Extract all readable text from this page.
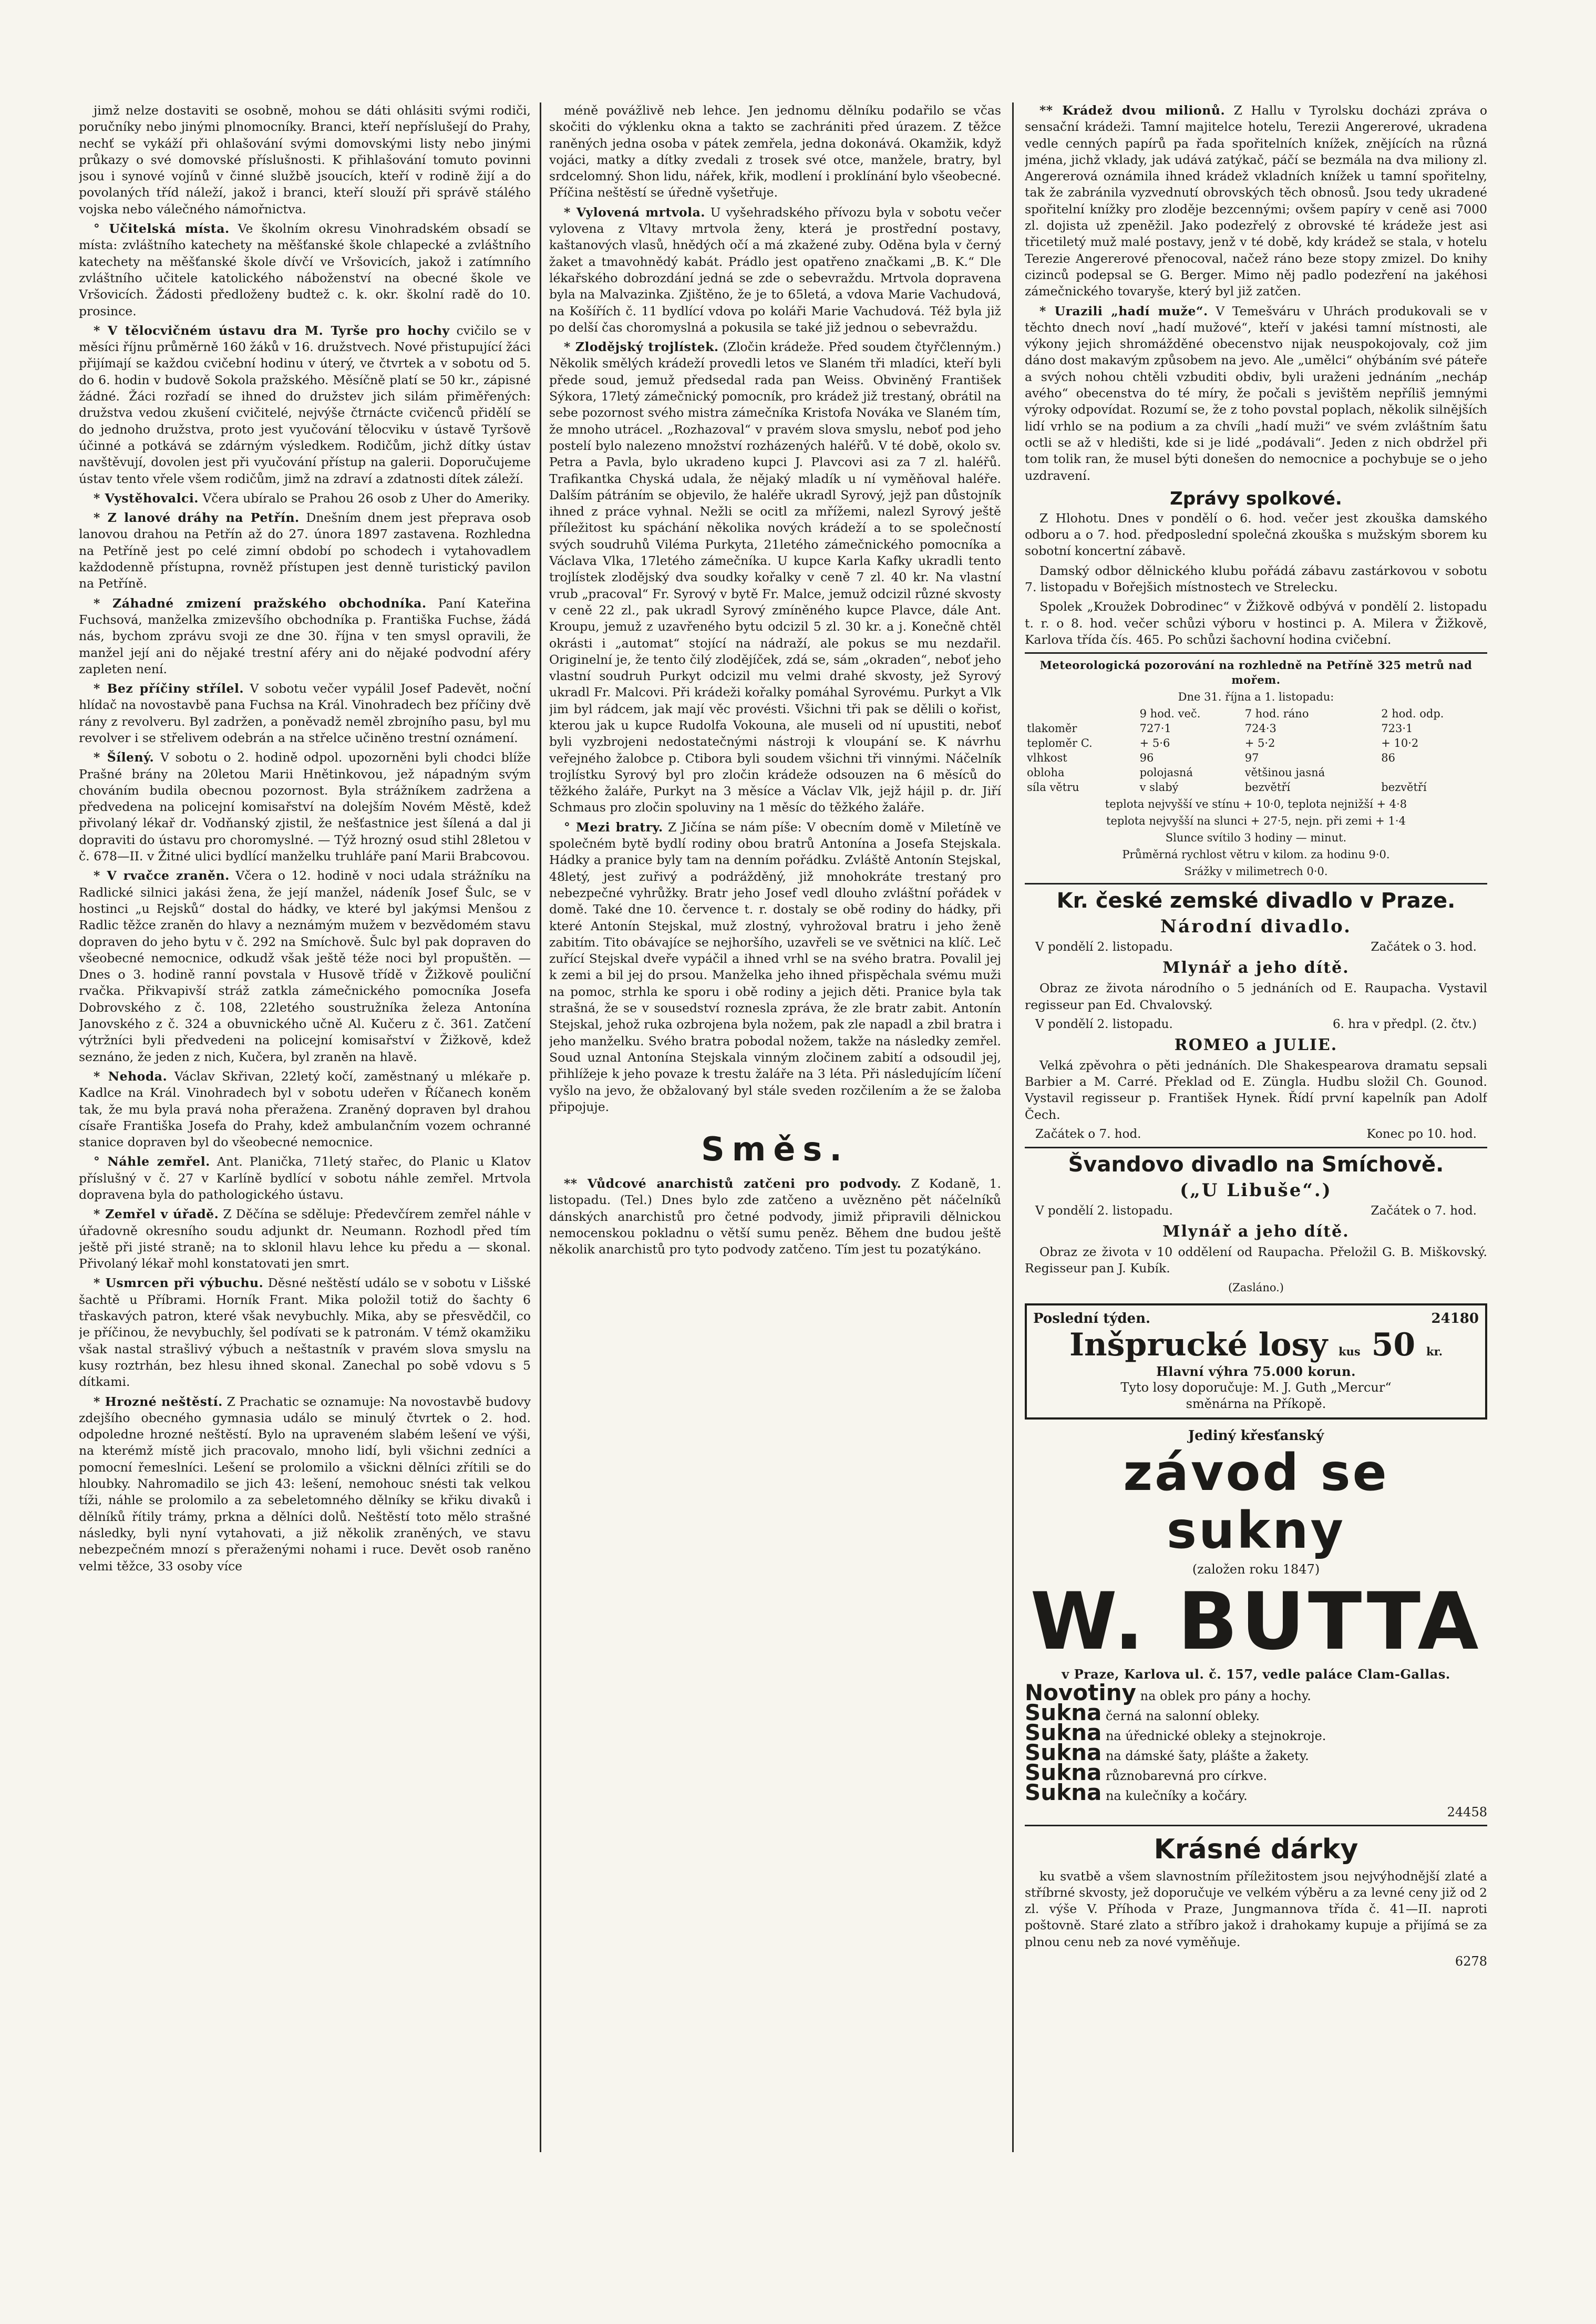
jimž nelze dostaviti se osobně, mohou se dáti ohlásiti svými rodiči, poručníky nebo jinými plnomocníky. Branci, kteří nepříslušejí do Prahy, nechť se vykáží při ohlašování svými domovskými listy nebo jinými průkazy o své domovské příslušnosti. K přihlašování tomuto povinni jsou i synové vojínů v činné službě jsoucích, kteří v rodině žijí a do povolaných tříd náleží, jakož i branci, kteří slouží při správě stálého vojska nebo válečného námořnictva.

° Učitelská místa. Ve školním okresu Vinohradském obsadí se místa: zvláštního katechety na měšťanské škole chlapecké a zvláštního katechety na měšťanské škole dívčí ve Vršovicích, jakož i zatímního zvláštního učitele katolického náboženství na obecné škole ve Vršovicích. Žádosti předloženy budtež c. k. okr. školní radě do 10. prosince.

* V tělocvičném ústavu dra M. Tyrše pro hochy cvičilo se v měsíci říjnu průměrně 160 žáků v 16. družstvech. Nové přistupující žáci přijímají se každou cvičební hodinu v úterý, ve čtvrtek a v sobotu od 5. do 6. hodin v budově Sokola pražského. Měsíčně platí se 50 kr., zápisné žádné. Žáci rozřadí se ihned do družstev jich silám přiměřených: družstva vedou zkušení cvičitelé, nejvýše čtrnácte cvičenců přidělí se do jednoho družstva, proto jest vyučování tělocviku v ústavě Tyršově účinné a potkává se zdárným výsledkem. Rodičům, jichž dítky ústav navštěvují, dovolen jest při vyučování přístup na galerii. Doporučujeme ústav tento vřele všem rodičům, jimž na zdraví a zdatnosti dítek záleží.

* Vystěhovalci. Včera ubíralo se Prahou 26 osob z Uher do Ameriky.

* Z lanové dráhy na Petřín. Dnešním dnem jest přeprava osob lanovou drahou na Petřín až do 27. února 1897 zastavena. Rozhledna na Petříně jest po celé zimní období po schodech i vytahovadlem každodenně přístupna, rovněž přístupen jest denně turistický pavilon na Petříně.

* Záhadné zmizení pražského obchodníka. Paní Kateřina Fuchsová, manželka zmizevšího obchodníka p. Františka Fuchse, žádá nás, bychom zprávu svoji ze dne 30. října v ten smysl opravili, že manžel její ani do nějaké trestní aféry ani do nějaké podvodní aféry zapleten není.

* Bez příčiny střílel. V sobotu večer vypálil Josef Padevět, noční hlídač na novostavbě pana Fuchsa na Král. Vinohradech bez příčiny dvě rány z revolveru. Byl zadržen, a poněvadž neměl zbrojního pasu, byl mu revolver i se střelivem odebrán a na střelce učiněno trestní oznámení.

* Šílený. V sobotu o 2. hodině odpol. upozorněni byli chodci blíže Prašné brány na 20letou Marii Hnětinkovou, jež nápadným svým chováním budila obecnou pozornost. Byla strážníkem zadržena a předvedena na policejní komisařství na dolejším Novém Městě, kdež přivolaný lékař dr. Vodňanský zjistil, že nešťastnice jest šílená a dal ji dopraviti do ústavu pro choromyslné. — Týž hrozný osud stihl 28letou v č. 678—II. v Žitné ulici bydlící manželku truhláře paní Marii Brabcovou.

* V rvačce zraněn. Včera o 12. hodině v noci udala strážníku na Radlické silnici jakási žena, že její manžel, nádeník Josef Šulc, se v hostinci „u Rejsků“ dostal do hádky, ve které byl jakýmsi Menšou z Radlic těžce zraněn do hlavy a neznámým mužem v bezvědomém stavu dopraven do jeho bytu v č. 292 na Smíchově. Šulc byl pak dopraven do všeobecné nemocnice, odkudž však ještě téže noci byl propuštěn. — Dnes o 3. hodině ranní povstala v Husově třídě v Žižkově pouliční rvačka. Přikvapivší stráž zatkla zámečnického pomocníka Josefa Dobrovského z č. 108, 22letého soustružníka železa Antonína Janovského z č. 324 a obuvnického učně Al. Kučeru z č. 361. Zatčení výtržníci byli předvedeni na policejní komisařství v Žižkově, kdež seznáno, že jeden z nich, Kučera, byl zraněn na hlavě.

* Nehoda. Václav Skřivan, 22letý kočí, zaměstnaný u mlékaře p. Kadlce na Král. Vinohradech byl v sobotu udeřen v Říčanech koněm tak, že mu byla pravá noha přeražena. Zraněný dopraven byl drahou císaře Františka Josefa do Prahy, kdež ambulančním vozem ochranné stanice dopraven byl do všeobecné nemocnice.

° Náhle zemřel. Ant. Planička, 71letý stařec, do Planic u Klatov příslušný v č. 27 v Karlíně bydlící v sobotu náhle zemřel. Mrtvola dopravena byla do pathologického ústavu.

* Zemřel v úřadě. Z Děčína se sděluje: Předevčírem zemřel náhle v úřadovně okresního soudu adjunkt dr. Neumann. Rozhodl před tím ještě při jisté straně; na to sklonil hlavu lehce ku předu a — skonal. Přivolaný lékař mohl konstatovati jen smrt.

* Usmrcen při výbuchu. Děsné neštěstí událo se v sobotu v Lišské šachtě u Příbrami. Horník Frant. Mika položil totiž do šachty 6 třaskavých patron, které však nevybuchly. Mika, aby se přesvědčil, co je příčinou, že nevybuchly, šel podívati se k patronám. V témž okamžiku však nastal strašlivý výbuch a neštastník v pravém slova smyslu na kusy roztrhán, bez hlesu ihned skonal. Zanechal po sobě vdovu s 5 dítkami.

* Hrozné neštěstí. Z Prachatic se oznamuje: Na novostavbě budovy zdejšího obecného gymnasia událo se minulý čtvrtek o 2. hod. odpoledne hrozné neštěstí. Bylo na upraveném slabém lešení ve výši, na kterémž místě jich pracovalo, mnoho lidí, byli všichni zedníci a pomocní řemeslníci. Lešení se prolomilo a všickni dělníci zřítili se do hloubky. Nahromadilo se jich 43: lešení, nemohouc snésti tak velkou tíži, náhle se prolomilo a za sebeletomného dělníky se křiku divaků i dělníků řítily trámy, prkna a dělníci dolů. Neštěstí toto mělo strašné následky, byli nyní vytahovati, a již několik zraněných, ve stavu nebezpečném mnozí s přeraženými nohami i ruce. Devět osob raněno velmi těžce, 33 osoby více

méně povážlivě neb lehce. Jen jednomu dělníku podařilo se včas skočiti do výklenku okna a takto se zachrániti před úrazem. Z těžce raněných jedna osoba v pátek zemřela, jedna dokonává. Okamžik, když vojáci, matky a dítky zvedali z trosek své otce, manžele, bratry, byl srdcelomný. Shon lidu, nářek, křik, modlení i proklínání bylo všeobecné. Příčina neštěstí se úředně vyšetřuje.

* Vylovená mrtvola. U vyšehradského přívozu byla v sobotu večer vylovena z Vltavy mrtvola ženy, která je prostřední postavy, kaštanových vlasů, hnědých očí a má zkažené zuby. Oděna byla v černý žaket a tmavohnědý kabát. Prádlo jest opatřeno značkami „B. K.“ Dle lékařského dobrozdání jedná se zde o sebevraždu. Mrtvola dopravena byla na Malvazinka. Zjištěno, že je to 65letá, a vdova Marie Vachudová, na Košířích č. 11 bydlící vdova po koláři Marie Vachudová. Též byla již po delší čas choromyslná a pokusila se také již jednou o sebevraždu.

* Zlodějský trojlístek. (Zločin krádeže. Před soudem čtyřčlenným.) Několik smělých krádeží provedli letos ve Slaném tři mladíci, kteří byli přede soud, jemuž předsedal rada pan Weiss. Obviněný František Sýkora, 17letý zámečnický pomocník, pro krádež již trestaný, obrátil na sebe pozornost svého mistra zámečníka Kristofa Nováka ve Slaném tím, že mnoho utrácel. „Rozhazoval“ v pravém slova smyslu, neboť pod jeho postelí bylo nalezeno množství rozházených haléřů. V té době, okolo sv. Petra a Pavla, bylo ukradeno kupci J. Plavcovi asi za 7 zl. haléřů. Trafikantka Chyská udala, že nějaký mladík u ní vyměňoval haléře. Dalším pátráním se objevilo, že haléře ukradl Syrový, jejž pan důstojník ihned z práce vyhnal. Nežli se ocitl za mřížemi, nalezl Syrový ještě příležitost ku spáchání několika nových krádeží a to se společností svých soudruhů Viléma Purkyta, 21letého zámečnického pomocníka a Václava Vlka, 17letého zámečníka. U kupce Karla Kafky ukradli tento trojlístek zlodějský dva soudky kořalky v ceně 7 zl. 40 kr. Na vlastní vrub „pracoval“ Fr. Syrový v bytě Fr. Malce, jemuž odcizil různé skvosty v ceně 22 zl., pak ukradl Syrový zmíněného kupce Plavce, dále Ant. Kroupu, jemuž z uzavřeného bytu odcizil 5 zl. 30 kr. a j. Konečně chtěl okrásti i „automat“ stojící na nádraží, ale pokus se mu nezdařil. Originelní je, že tento čilý zlodějíček, zdá se, sám „okraden“, neboť jeho vlastní soudruh Purkyt odcizil mu velmi drahé skvosty, jež Syrový ukradl Fr. Malcovi. Při krádeži kořalky pomáhal Syrovému. Purkyt a Vlk jim byl rádcem, jak mají věc provésti. Všichni tři pak se dělili o kořist, kterou jak u kupce Rudolfa Vokouna, ale museli od ní upustiti, neboť byli vyzbrojeni nedostatečnými nástroji k vloupání se. K návrhu veřejného žalobce p. Ctibora byli soudem všichni tři vinnými. Náčelník trojlístku Syrový byl pro zločin krádeže odsouzen na 6 měsíců do těžkého žaláře, Purkyt na 3 měsíce a Václav Vlk, jejž hájil p. dr. Jiří Schmaus pro zločin spoluviny na 1 měsíc do těžkého žaláře.

° Mezi bratry. Z Jičína se nám píše: V obecním domě v Miletíně ve společném bytě bydlí rodiny obou bratrů Antonína a Josefa Stejskala. Hádky a pranice byly tam na denním pořádku. Zvláště Antonín Stejskal, 48letý, jest zuřivý a podrážděný, již mnohokráte trestaný pro nebezpečné vyhrůžky. Bratr jeho Josef vedl dlouho zvláštní pořádek v domě. Také dne 10. července t. r. dostaly se obě rodiny do hádky, při které Antonín Stejskal, muž zlostný, vyhrožoval bratru i jeho ženě zabitím. Tito obávajíce se nejhoršího, uzavřeli se ve světnici na klíč. Leč zuřící Stejskal dveře vypáčil a ihned vrhl se na svého bratra. Povalil jej k zemi a bil jej do prsou. Manželka jeho ihned přispěchala svému muži na pomoc, strhla ke sporu i obě rodiny a jejich děti. Pranice byla tak strašná, že se v sousedství roznesla zpráva, že zle bratr zabit. Antonín Stejskal, jehož ruka ozbrojena byla nožem, pak zle napadl a zbil bratra i jeho manželku. Svého bratra pobodal nožem, takže na následky zemřel. Soud uznal Antonína Stejskala vinným zločinem zabití a odsoudil jej, přihlížeje k jeho povaze k trestu žaláře na 3 léta. Při následujícím líčení vyšlo na jevo, že obžalovaný byl stále sveden rozčilením a že se žaloba připojuje.

Směs.

** Vůdcové anarchistů zatčeni pro podvody. Z Kodaně, 1. listopadu. (Tel.) Dnes bylo zde zatčeno a uvězněno pět náčelníků dánských anarchistů pro četné podvody, jimiž připravili dělnickou nemocenskou pokladnu o větší sumu peněz. Během dne budou ještě několik anarchistů pro tyto podvody zatčeno. Tím jest tu pozatýkáno.

** Krádež dvou milionů. Z Hallu v Tyrolsku docházi zpráva o sensační krádeži. Tamní majitelce hotelu, Terezii Angererové, ukradena vedle cenných papírů pa řada spořitelních knížek, znějících na různá jména, jichž vklady, jak udává zatýkač, páčí se bezmála na dva miliony zl. Angererová oznámila ihned krádež vkladních knížek u tamní spořitelny, tak že zabránila vyzvednutí obrovských těch obnosů. Jsou tedy ukradené spořitelní knížky pro zloděje bezcennými; ovšem papíry v ceně asi 7000 zl. dojista už zpeněžil. Jako podezřelý z obrovské té krádeže jest asi třicetiletý muž malé postavy, jenž v té době, kdy krádež se stala, v hotelu Terezie Angererové přenocoval, načež ráno beze stopy zmizel. Do knihy cizinců podepsal se G. Berger. Mimo něj padlo podezření na jakéhosi zámečnického tovaryše, který byl již zatčen.

* Urazili „hadí muže“. V Temešváru v Uhrách produkovali se v těchto dnech noví „hadí mužové“, kteří v jakési tamní místnosti, ale výkony jejich shromážděné obecenstvo nijak neuspokojovaly, což jim dáno dost makavým způsobem na jevo. Ale „umělci“ ohýbáním své páteře a svých nohou chtěli vzbuditi obdiv, byli uraženi jednáním „necháp avého“ obecenstva do té míry, že počali s jevištěm nepříliš jemnými výroky odpovídat. Rozumí se, že z toho povstal poplach, několik silnějších lidí vrhlo se na podium a za chvíli „hadí muži“ ve svém zvláštním šatu octli se až v hledišti, kde si je lidé „podávali“. Jeden z nich obdržel při tom tolik ran, že musel býti donešen do nemocnice a pochybuje se o jeho uzdravení.

Zprávy spolkové.

Z Hlohotu. Dnes v pondělí o 6. hod. večer jest zkouška damského odboru a o 7. hod. předposlední společná zkouška s mužským sborem ku sobotní koncertní zábavě.

Damský odbor dělnického klubu pořádá zábavu zastárkovou v sobotu 7. listopadu v Bořejšich místnostech ve Strelecku.

Spolek „Kroužek Dobrodinec“ v Žižkově odbývá v pondělí 2. listopadu t. r. o 8. hod. večer schůzi výboru v hostinci p. A. Milera v Žižkově, Karlova třída čís. 465. Po schůzi šachovní hodina cvičební.

Meteorologická pozorování na rozhledně na Petříně 325 metrů nad mořem.
Dne 31. října a 1. listopadu:
	9 hod. več.	7 hod. ráno	2 hod. odp.
tlakoměr	727·1	724·3	723·1
teploměr C.	+ 5·6	+ 5·2	+ 10·2
vlhkost	96	97	86
obloha	polojasná	většinou jasná	
síla větru	v slabý	bezvětří	bezvětří
teplota nejvyšší ve stínu + 10·0, teplota nejnižší + 4·8
teplota nejvyšší na slunci + 27·5, nejn. při zemi + 1·4
Slunce svítilo 3 hodiny — minut.
Průměrná rychlost větru v kilom. za hodinu 9·0.
Srážky v milimetrech 0·0.
Kr. české zemské divadlo v Praze.
Národní divadlo.
V pondělí 2. listopadu.	Začátek o 3. hod.
Mlynář a jeho dítě.

Obraz ze života národního o 5 jednáních od E. Raupacha. Vystavil regisseur pan Ed. Chvalovský.

V pondělí 2. listopadu.	6. hra v předpl. (2. čtv.)
ROMEO a JULIE.

Velká zpěvohra o pěti jednáních. Dle Shakespearova dramatu sepsali Barbier a M. Carré. Překlad od E. Züngla. Hudbu složil Ch. Gounod. Vystavil regisseur p. František Hynek. Řídí první kapelník pan Adolf Čech.

Začátek o 7. hod.	Konec po 10. hod.
Švandovo divadlo na Smíchově.
(„U Libuše“.)
V pondělí 2. listopadu.	Začátek o 7. hod.
Mlynář a jeho dítě.

Obraz ze života v 10 oddělení od Raupacha. Přeložil G. B. Miškovský. Regisseur pan J. Kubík.

(Zasláno.)
Poslední týden.	24180
Inšprucké losy kus 50 kr.
Hlavní výhra 75.000 korun.
Tyto losy doporučuje: M. J. Guth „Mercur“
směnárna na Příkopě.
Jediný křesťanský
závod se sukny
(založen roku 1847)
W. BUTTA
v Praze, Karlova ul. č. 157, vedle paláce Clam-Gallas.
Novotiny na oblek pro pány a hochy.
Sukna černá na salonní obleky.
Sukna na úřednické obleky a stejnokroje.
Sukna na dámské šaty, plášte a žakety.
Sukna různobarevná pro církve.
Sukna na kulečníky a kočáry.
24458
Krásné dárky

ku svatbě a všem slavnostním příležitostem jsou nejvýhodnější zlaté a stříbrné skvosty, jež doporučuje ve velkém výběru a za levné ceny již od 2 zl. výše V. Příhoda v Praze, Jungmannova třída č. 41—II. naproti poštovně. Staré zlato a stříbro jakož i drahokamy kupuje a přijímá se za plnou cenu neb za nové vyměňuje.

6278
